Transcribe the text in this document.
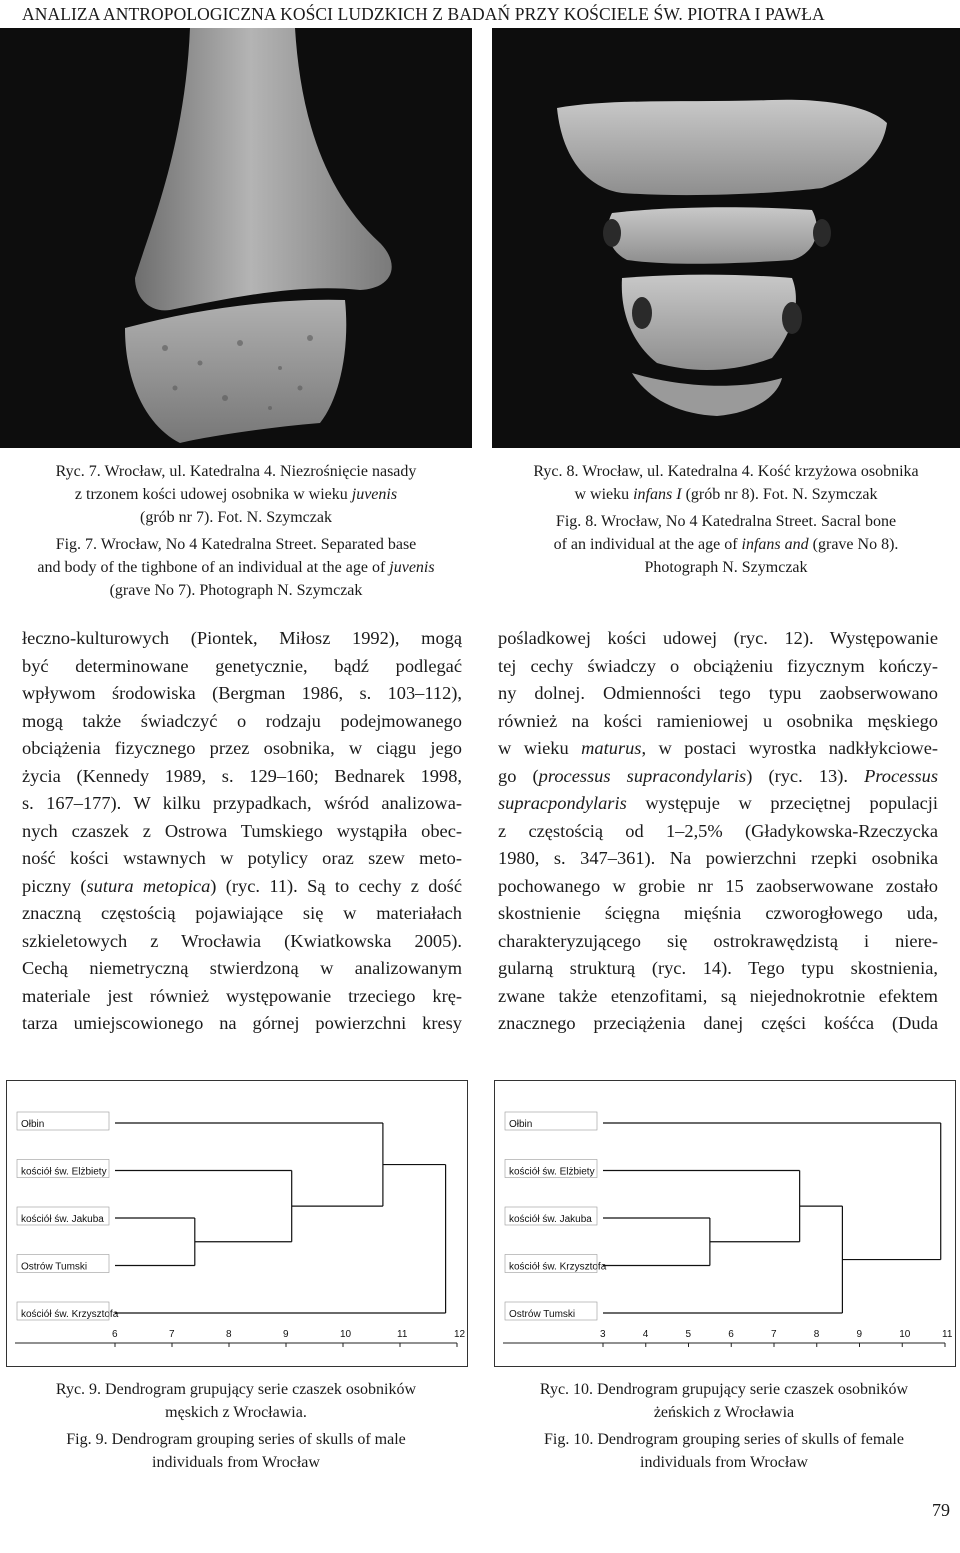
ANALIZA ANTROPOLOGICZNA KOŚCI LUDZKICH Z BADAŃ PRZY KOŚCIELE ŚW. PIOTRA I PAWŁA

Ryc. 7. Wrocław, ul. Katedralna 4. Niezrośnięcie nasady

z trzonem kości udowej osobnika w wieku juvenis

(grób nr 7). Fot. N. Szymczak

Fig. 7. Wrocław, No 4 Katedralna Street. Separated base

and body of the tighbone of an individual at the age of juvenis

(grave No 7). Photograph N. Szymczak

Ryc. 8. Wrocław, ul. Katedralna 4. Kość krzyżowa osobnika

w wieku infans I (grób nr 8). Fot. N. Szymczak

Fig. 8. Wrocław, No 4 Katedralna Street. Sacral bone

of an individual at the age of infans and (grave No 8).

Photograph N. Szymczak

łeczno-kulturowych (Piontek, Miłosz 1992), mogą
być determinowane genetycznie, bądź podlegać
wpływom środowiska (Bergman 1986, s. 103–112),
mogą także świadczyć o rodzaju podejmowanego
obciążenia fizycznego przez osobnika, w ciągu jego
życia (Kennedy 1989, s. 129–160; Bednarek 1998,
s. 167–177). W kilku przypadkach, wśród analizowa-
nych czaszek z Ostrowa Tumskiego wystąpiła obec-
ność kości wstawnych w potylicy oraz szew meto-
piczny (sutura metopica) (ryc. 11). Są to cechy z dość
znaczną częstością pojawiające się w materiałach
szkieletowych z Wrocławia (Kwiatkowska 2005).
Cechą niemetryczną stwierdzoną w analizowanym
materiale jest również występowanie trzeciego krę-
tarza umiejscowionego na górnej powierzchni kresy
pośladkowej kości udowej (ryc. 12). Występowanie
tej cechy świadczy o obciążeniu fizycznym kończy-
ny dolnej. Odmienności tego typu zaobserwowano
również na kości ramieniowej u osobnika męskiego
w wieku maturus, w postaci wyrostka nadkłykciowe-
go (processus supracondylaris) (ryc. 13). Processus
supracpondylaris występuje w przeciętnej populacji
z częstością od 1–2,5% (Gładykowska-Rzeczycka
1980, s. 347–361). Na powierzchni rzepki osobnika
pochowanego w grobie nr 15 zaobserwowane zostało
skostnienie ścięgna mięśnia czworogłowego uda,
charakteryzującego się ostrokrawędzistą i niere-
gularną strukturą (ryc. 14). Tego typu skostnienia,
zwane także etenzofitami, są niejednokrotnie efektem
znacznego przeciążenia danej części kośćca (Duda
Ołbin
kościół św. Elżbiety
kościół św. Jakuba
Ostrów Tumski
kościół św. Krzysztofa
6	7	8	9	10	11	12
Ołbin
kościół św. Elżbiety
kościół św. Jakuba
kościół św. Krzysztofa
Ostrów Tumski
3	4	5	6	7	8	9	10	11

Ryc. 9. Dendrogram grupujący serie czaszek osobników

męskich z Wrocławia.

Fig. 9. Dendrogram grouping series of skulls of male

individuals from Wrocław

Ryc. 10. Dendrogram grupujący serie czaszek osobników

żeńskich z Wrocławia

Fig. 10. Dendrogram grouping series of skulls of female

individuals from Wrocław

79
